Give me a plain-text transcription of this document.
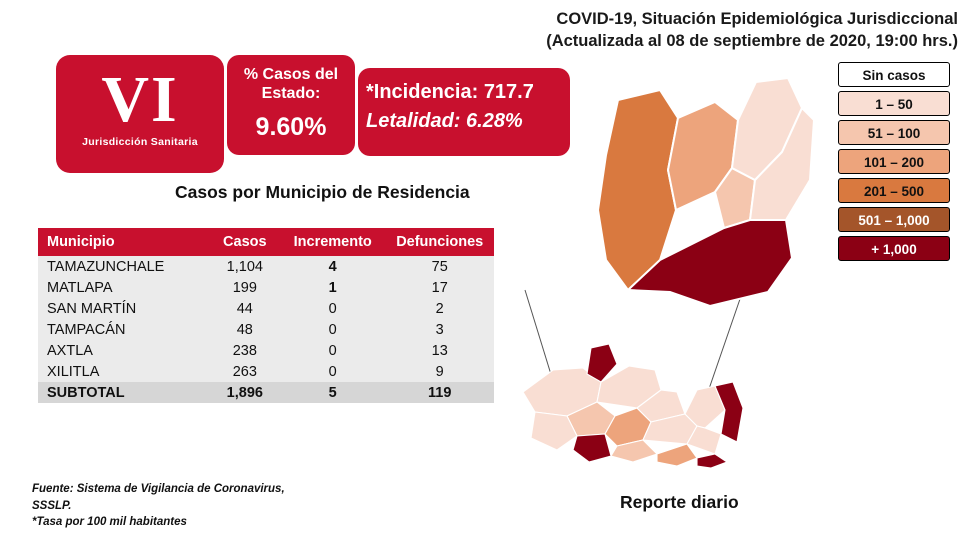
COVID-19, Situación Epidemiológica Jurisdiccional
(Actualizada al 08 de septiembre de 2020, 19:00 hrs.)
VI
Jurisdicción Sanitaria
% Casos del
Estado:
9.60%
*Incidencia: 717.7
Letalidad: 6.28%
Casos por Municipio de Residencia
Municipio	Casos	Incremento	Defunciones
TAMAZUNCHALE	1,104	4	75
MATLAPA	199	1	17
SAN MARTÍN	44	0	2
TAMPACÁN	48	0	3
AXTLA	238	0	13
XILITLA	263	0	9
SUBTOTAL	1,896	5	119
Sin casos
1 – 50
51 – 100
101 – 200
201 – 500
501 – 1,000
+ 1,000
Fuente: Sistema de Vigilancia de Coronavirus,
SSSLP.
*Tasa por 100 mil habitantes
Reporte diario
